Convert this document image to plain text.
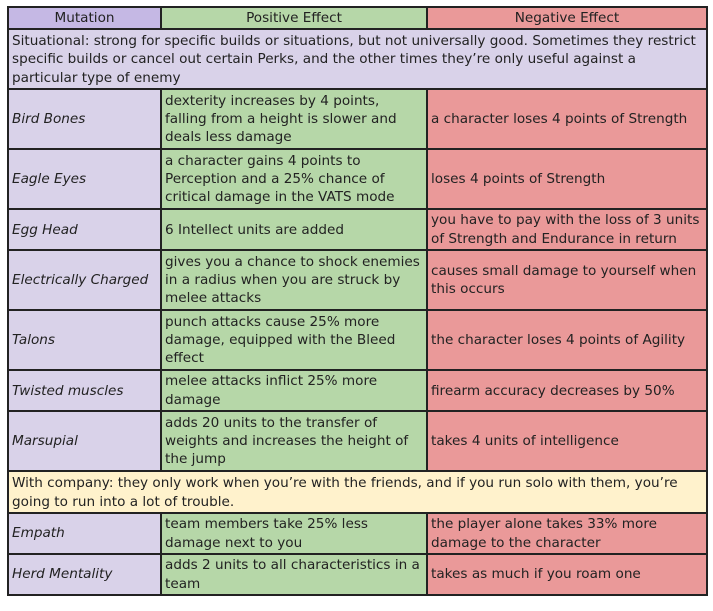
Mutation	Positive Effect	Negative Effect
Situational: strong for specific builds or situations, but not universally good. Sometimes they restrict specific builds or cancel out certain Perks, and the other times they’re only useful against a particular type of enemy		
Bird Bones	dexterity increases by 4 points, falling from a height is slower and deals less damage	a character loses 4 points of Strength
Eagle Eyes	a character gains 4 points to Perception and a 25% chance of critical damage in the VATS mode	loses 4 points of Strength
Egg Head	6 Intellect units are added	you have to pay with the loss of 3 units of Strength and Endurance in return
Electrically Charged	gives you a chance to shock enemies in a radius when you are struck by melee attacks	causes small damage to yourself when this occurs
Talons	punch attacks cause 25% more damage, equipped with the Bleed effect	the character loses 4 points of Agility
Twisted muscles	melee attacks inflict 25% more damage	firearm accuracy decreases by 50%
Marsupial	adds 20 units to the transfer of weights and increases the height of the jump	takes 4 units of intelligence
With company: they only work when you’re with the friends, and if you run solo with them, you’re going to run into a lot of trouble.		
Empath	team members take 25% less damage next to you	the player alone takes 33% more damage to the character
Herd Mentality	adds 2 units to all characteristics in a team	takes as much if you roam one
